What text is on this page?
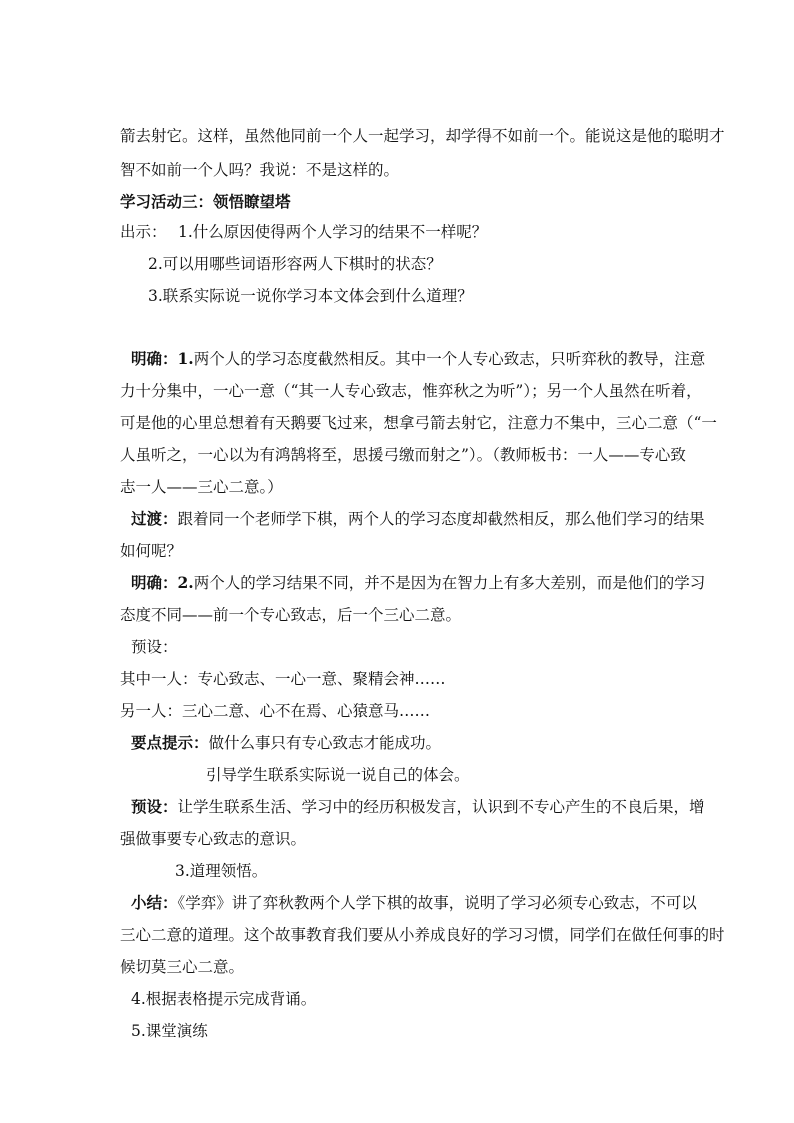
箭去射它。这样，虽然他同前一个人一起学习，却学得不如前一个。能说这是他的聪明才
智不如前一个人吗？我说：不是这样的。
学习活动三：领悟瞭望塔
出示： 1.什么原因使得两个人学习的结果不一样呢？
2.可以用哪些词语形容两人下棋时的状态？
3.联系实际说一说你学习本文体会到什么道理？
明确：1.两个人的学习态度截然相反。其中一个人专心致志，只听弈秋的教导，注意
力十分集中，一心一意（“其一人专心致志，惟弈秋之为听”）；另一个人虽然在听着，
可是他的心里总想着有天鹅要飞过来，想拿弓箭去射它，注意力不集中，三心二意（“一
人虽听之，一心以为有鸿鹄将至，思援弓缴而射之”）。（教师板书：一人——专心致
志一人——三心二意。）
过渡：跟着同一个老师学下棋，两个人的学习态度却截然相反，那么他们学习的结果
如何呢？
明确：2.两个人的学习结果不同，并不是因为在智力上有多大差别，而是他们的学习
态度不同——前一个专心致志，后一个三心二意。
预设：
其中一人：专心致志、一心一意、聚精会神……
另一人：三心二意、心不在焉、心猿意马……
要点提示：做什么事只有专心致志才能成功。
引导学生联系实际说一说自己的体会。
预设：让学生联系生活、学习中的经历积极发言，认识到不专心产生的不良后果，增
强做事要专心致志的意识。
3.道理领悟。
小结：《学弈》讲了弈秋教两个人学下棋的故事，说明了学习必须专心致志，不可以
三心二意的道理。这个故事教育我们要从小养成良好的学习习惯，同学们在做任何事的时
候切莫三心二意。
4.根据表格提示完成背诵。
5.课堂演练
